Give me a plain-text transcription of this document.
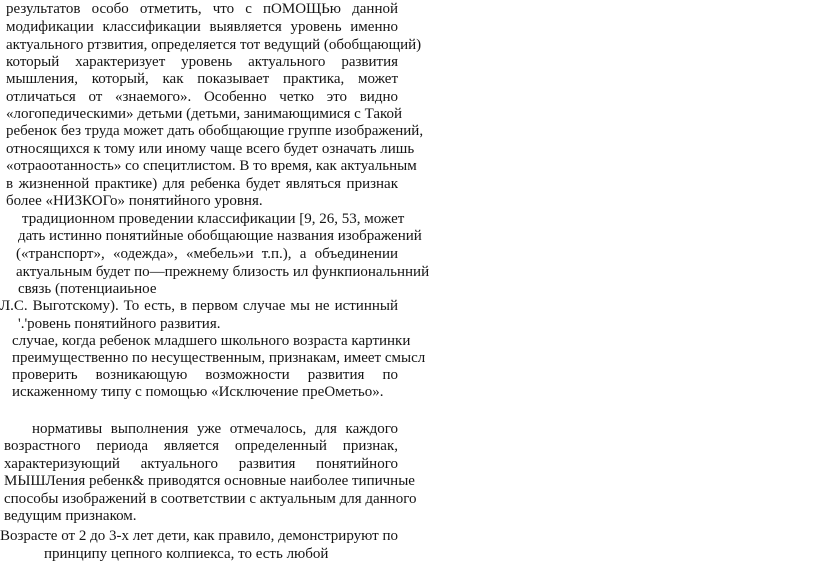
результатов особо отметить, что с пОМОЩЬю данной
модификации классификации выявляется уровень именно
актуального ртзвития, определяется тот ведущий (обобщающий)
который характеризует уровень актуального развития
мышления, который, как показывает практика, может
отличаться от «знаемого». Особенно четко это видно
«логопедическими» детьми (детьми, занимающимися с Такой
ребенок без труда может дать обобщающие группе изображений,
относящихся к тому или иному чаще всего будет означать лишь
«отраоотанность» со специтлистом. В то время, как актуальным
в жизненной практике) для ребенка будет являться признак
более «НИЗКОГо» понятийного уровня.
традиционном проведении классификации [9, 26, 53, может
дать истинно понятийные обобщающие названия изображений
(«транспорт», «одежда», «мебель»и т.п.), а объединении
актуальным будет по—прежнему близость ил функпиональнний
связь (потенциаиьное
Л.С. Выготскому). То есть, в первом случае мы не истинный
'.'ровень понятийного развития.
случае, когда ребенок младшего школьного возраста картинки
преимущественно по несущественным, признакам, имеет смысл
проверить возникающую возможности развития по
искаженному типу с помощью «Исключение преОметьо».
нормативы выполнения уже отмечалось, для каждого
возрастного периода является определенный признак,
характеризующий актуального развития понятийного
МЫШЛения ребенк& приводятся основные наиболее типичные
способы изображений в соответствии с актуальным для данного
ведущим признаком.
Возрасте от 2 до 3-х лет дети, как правило, демонстрируют по
принципу цепного колпиекса, то есть любой
